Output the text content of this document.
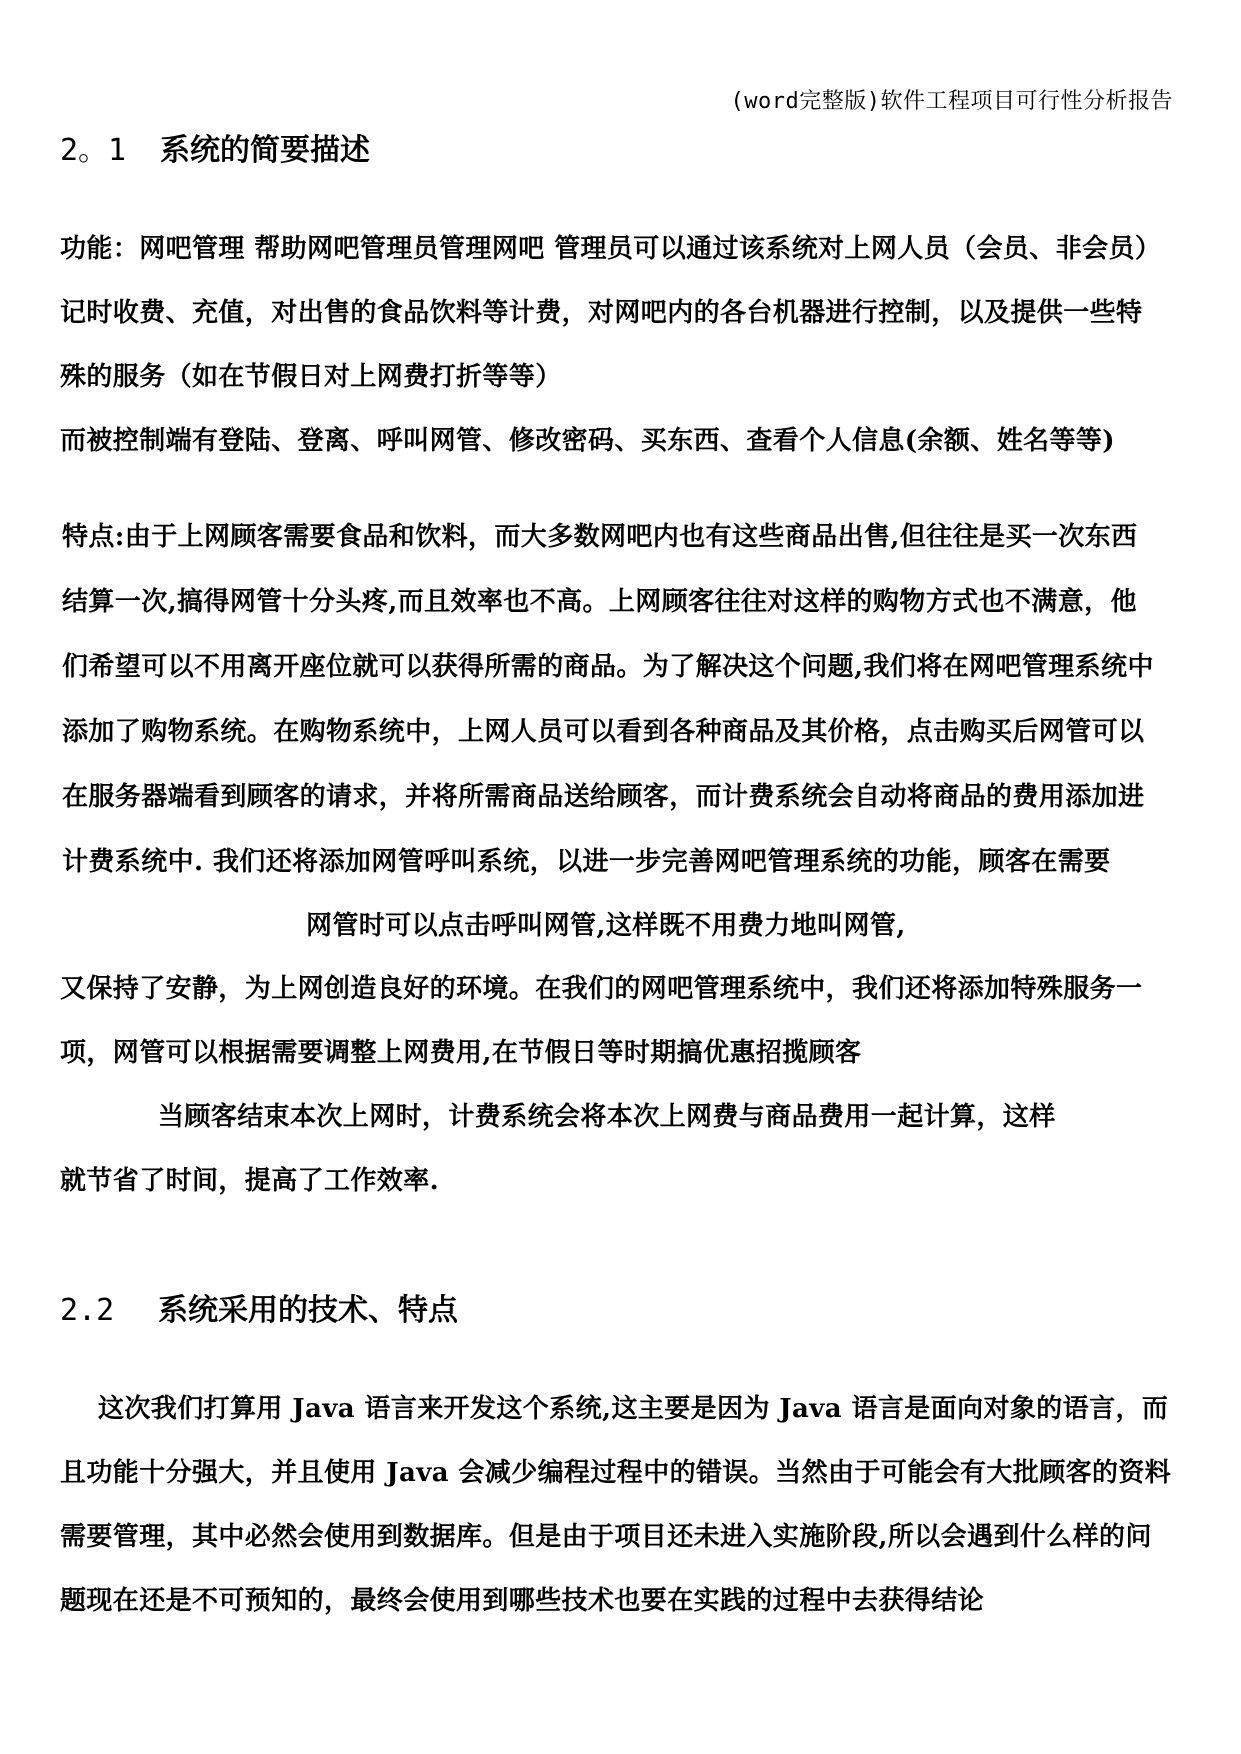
(word完整版)软件工程项目可行性分析报告
2。1 系统的简要描述
功能：网吧管理 帮助网吧管理员管理网吧 管理员可以通过该系统对上网人员（会员、非会员）
记时收费、充值，对出售的食品饮料等计费，对网吧内的各台机器进行控制，以及提供一些特
殊的服务（如在节假日对上网费打折等等）
而被控制端有登陆、登离、呼叫网管、修改密码、买东西、查看个人信息(余额、姓名等等)
特点:由于上网顾客需要食品和饮料，而大多数网吧内也有这些商品出售,但往往是买一次东西
结算一次,搞得网管十分头疼,而且效率也不高。上网顾客往往对这样的购物方式也不满意，他
们希望可以不用离开座位就可以获得所需的商品。为了解决这个问题,我们将在网吧管理系统中
添加了购物系统。在购物系统中，上网人员可以看到各种商品及其价格，点击购买后网管可以
在服务器端看到顾客的请求，并将所需商品送给顾客，而计费系统会自动将商品的费用添加进
计费系统中. 我们还将添加网管呼叫系统，以进一步完善网吧管理系统的功能，顾客在需要
网管时可以点击呼叫网管,这样既不用费力地叫网管,
又保持了安静，为上网创造良好的环境。在我们的网吧管理系统中，我们还将添加特殊服务一
项，网管可以根据需要调整上网费用,在节假日等时期搞优惠招揽顾客
当顾客结束本次上网时，计费系统会将本次上网费与商品费用一起计算，这样
就节省了时间，提高了工作效率.
2.2 系统采用的技术、特点
这次我们打算用 Java 语言来开发这个系统,这主要是因为 Java 语言是面向对象的语言，而
且功能十分强大，并且使用 Java 会减少编程过程中的错误。当然由于可能会有大批顾客的资料
需要管理，其中必然会使用到数据库。但是由于项目还未进入实施阶段,所以会遇到什么样的问
题现在还是不可预知的，最终会使用到哪些技术也要在实践的过程中去获得结论
